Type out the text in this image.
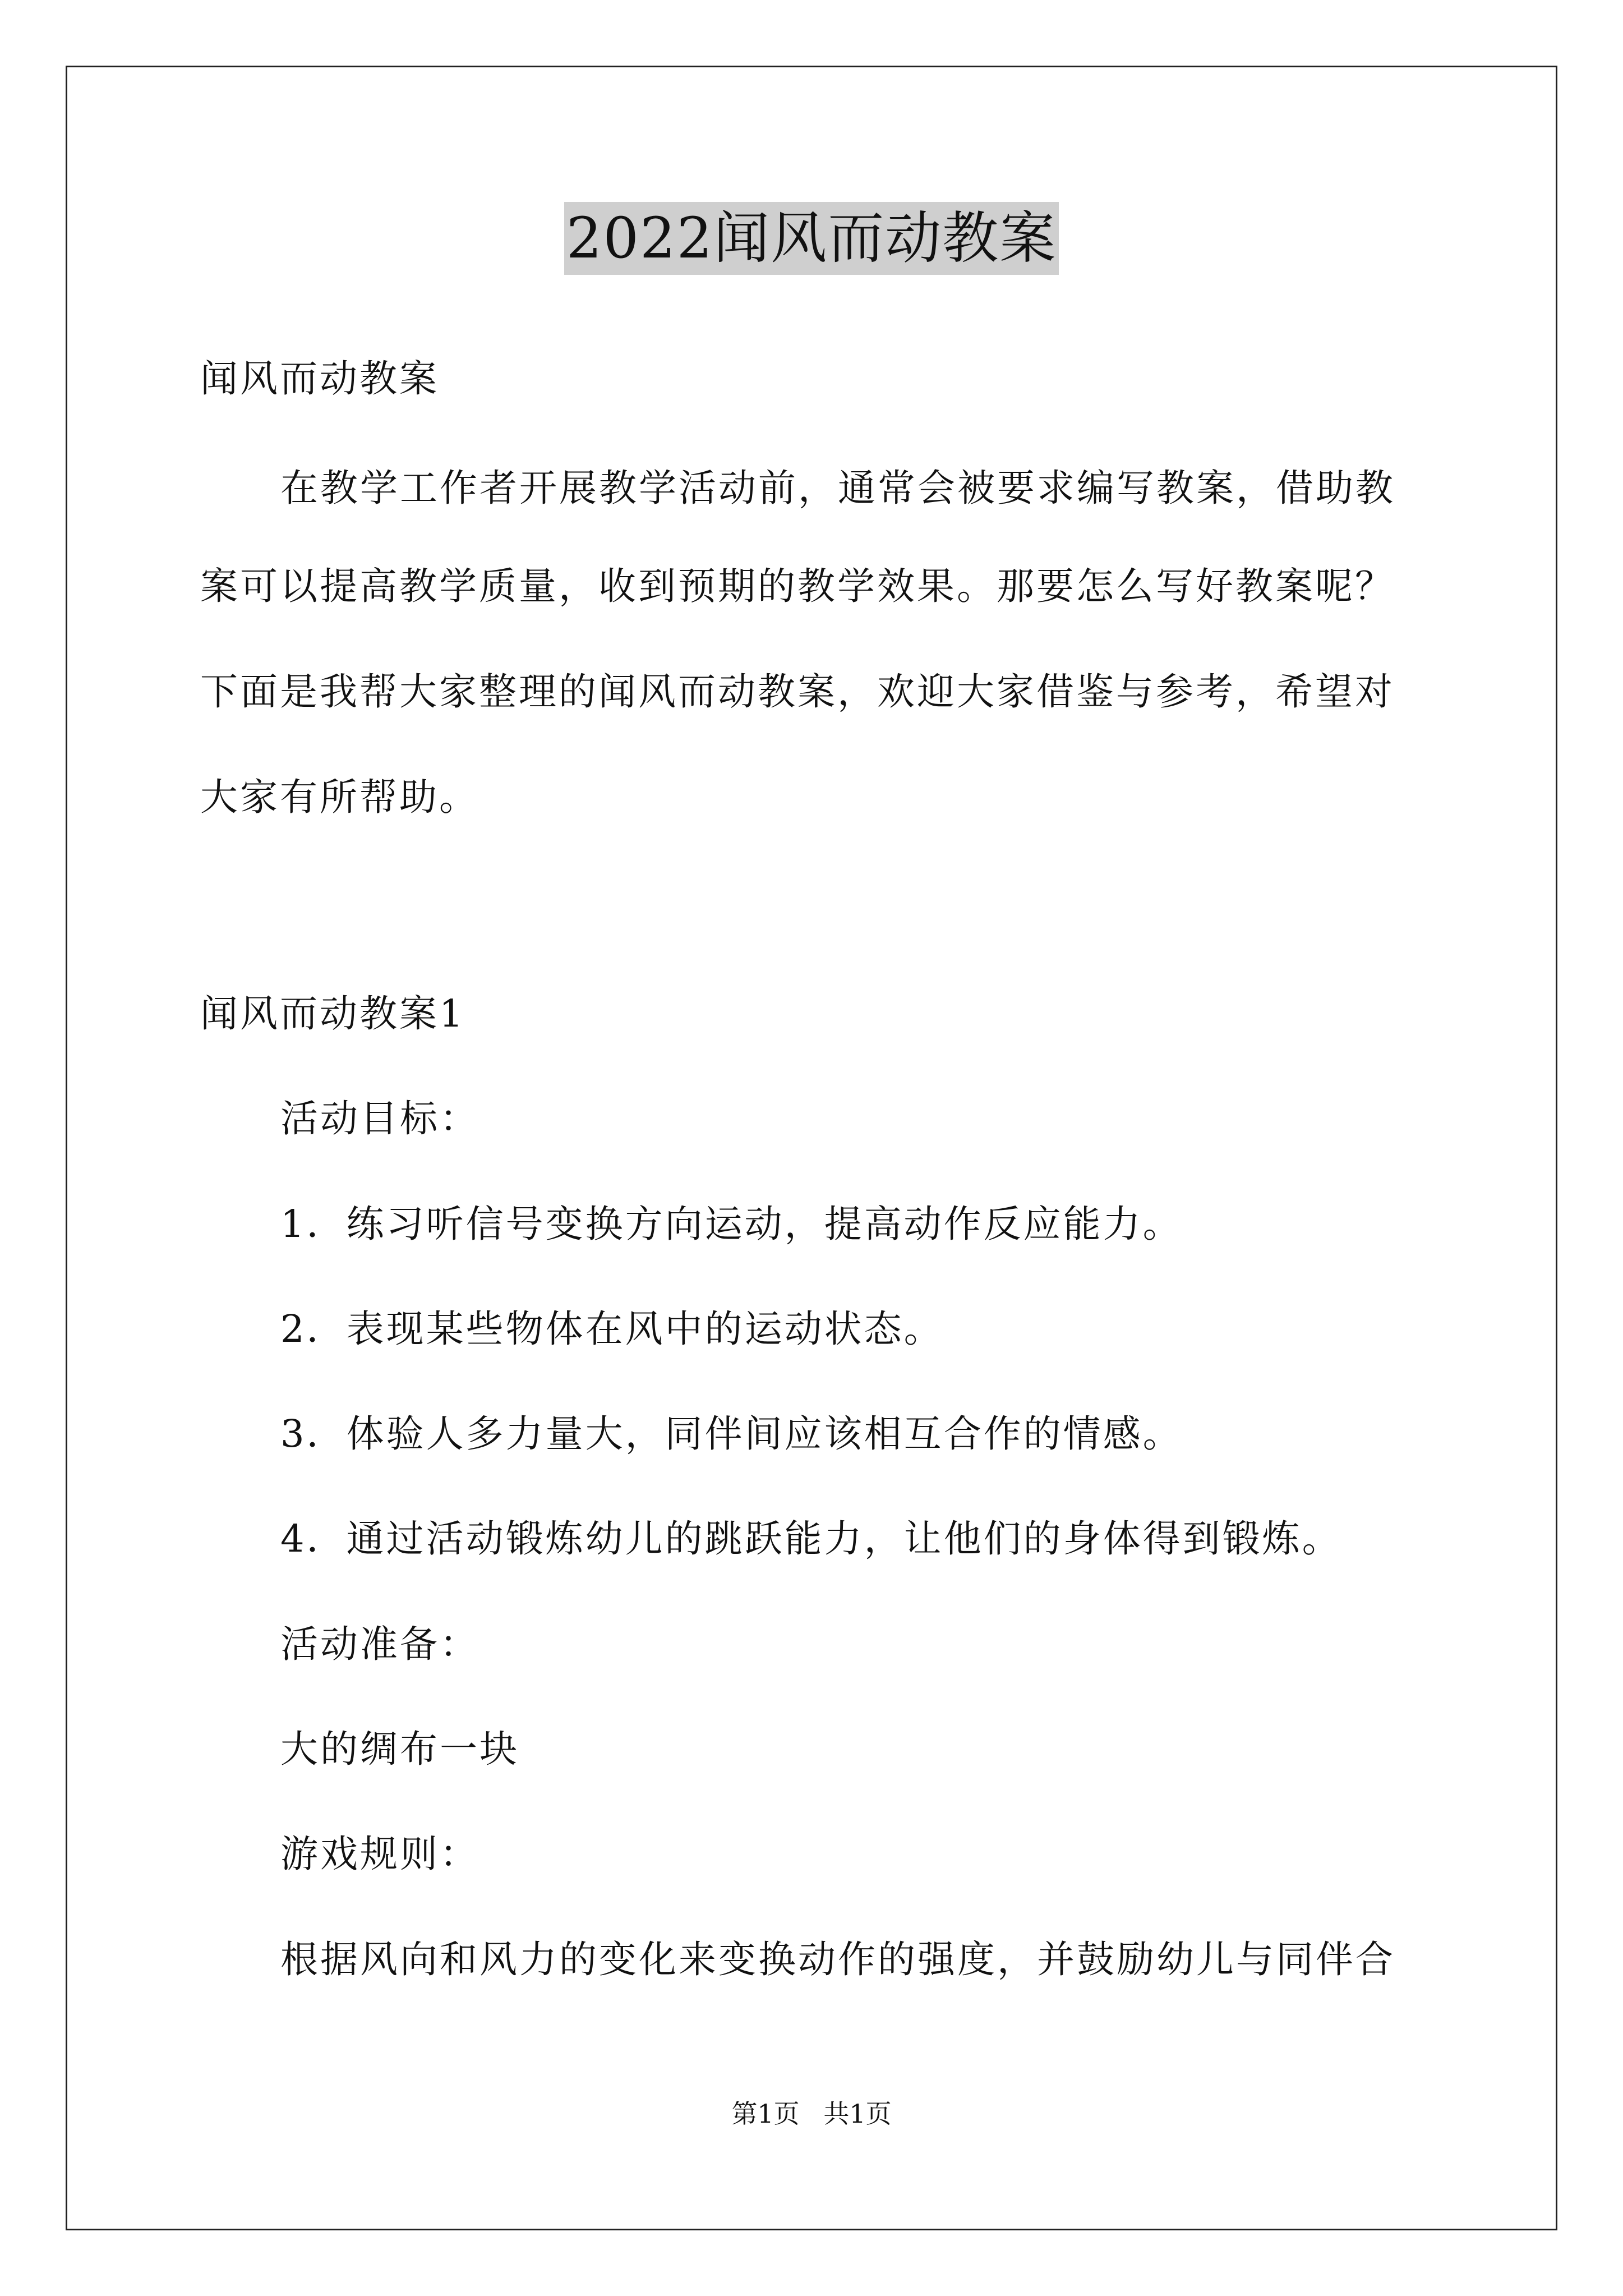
2022闻风而动教案
闻风而动教案
在教学工作者开展教学活动前，通常会被要求编写教案，借助教
案可以提高教学质量，收到预期的教学效果。那要怎么写好教案呢？
下面是我帮大家整理的闻风而动教案，欢迎大家借鉴与参考，希望对
大家有所帮助。
闻风而动教案1
活动目标：
1．练习听信号变换方向运动，提高动作反应能力。
2．表现某些物体在风中的运动状态。
3．体验人多力量大，同伴间应该相互合作的情感。
4．通过活动锻炼幼儿的跳跃能力，让他们的身体得到锻炼。
活动准备：
大的绸布一块
游戏规则：
根据风向和风力的变化来变换动作的强度，并鼓励幼儿与同伴合
第1页 共1页
